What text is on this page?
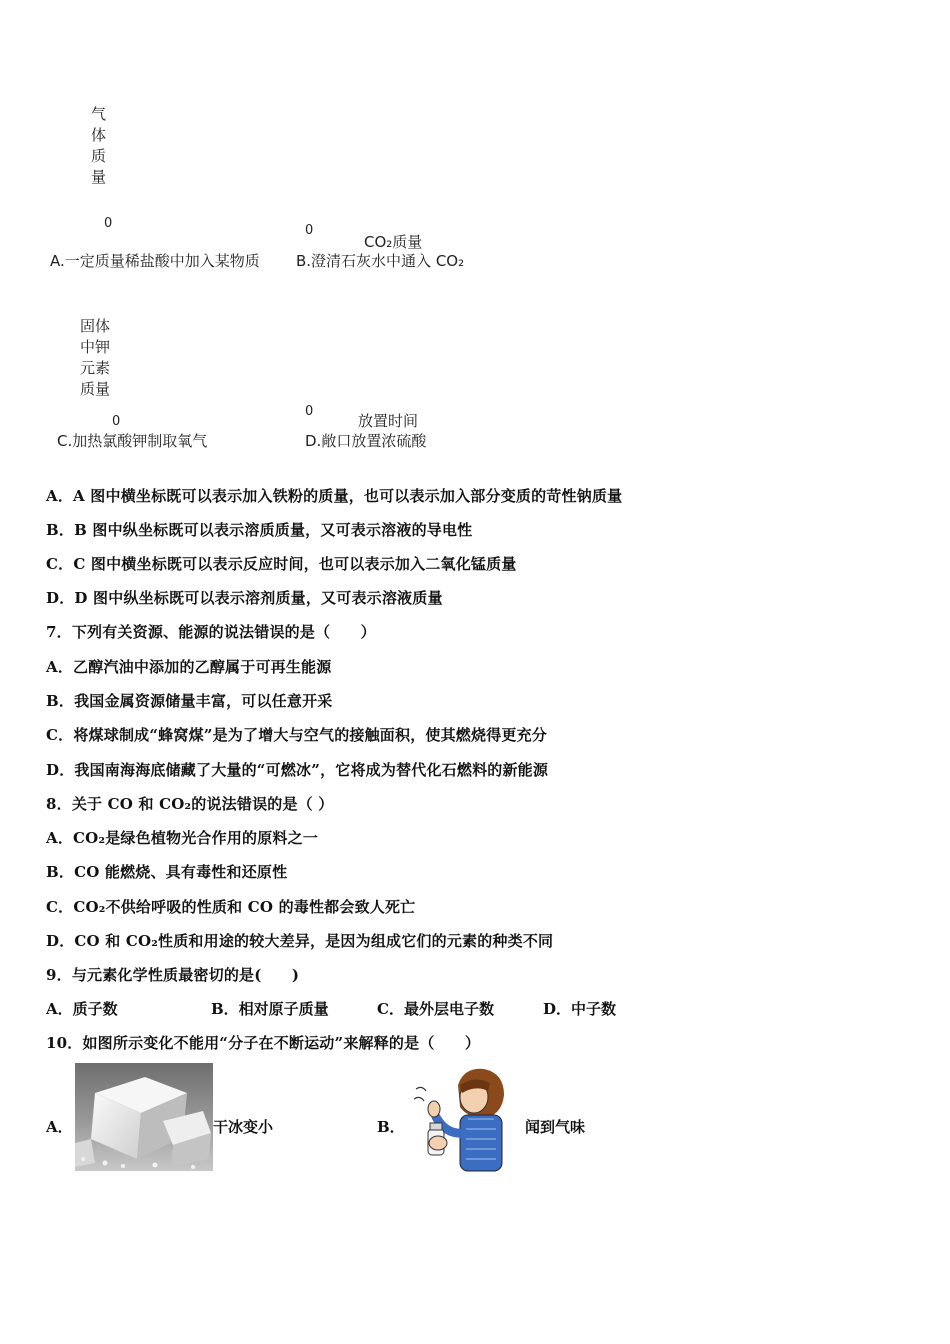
气体质量
0
A.一定质量稀盐酸中加入某物质
0
CO₂质量
B.澄清石灰水中通入 CO₂
固体中钾元素质量
0
C.加热氯酸钾制取氧气
0
放置时间
D.敞口放置浓硫酸
A．A 图中横坐标既可以表示加入铁粉的质量，也可以表示加入部分变质的苛性钠质量
B．B 图中纵坐标既可以表示溶质质量，又可表示溶液的导电性
C．C 图中横坐标既可以表示反应时间，也可以表示加入二氧化锰质量
D．D 图中纵坐标既可以表示溶剂质量，又可表示溶液质量
7．下列有关资源、能源的说法错误的是（　　）
A．乙醇汽油中添加的乙醇属于可再生能源
B．我国金属资源储量丰富，可以任意开采
C．将煤球制成“蜂窝煤”是为了增大与空气的接触面积，使其燃烧得更充分
D．我国南海海底储藏了大量的“可燃冰”，它将成为替代化石燃料的新能源
8．关于 CO 和 CO₂的说法错误的是（ ）
A．CO₂是绿色植物光合作用的原料之一
B．CO 能燃烧、具有毒性和还原性
C．CO₂不供给呼吸的性质和 CO 的毒性都会致人死亡
D．CO 和 CO₂性质和用途的较大差异，是因为组成它们的元素的种类不同
9．与元素化学性质最密切的是(　　)
A．质子数	B．相对原子质量	C．最外层电子数	D．中子数
10．如图所示变化不能用“分子在不断运动”来解释的是（　　）
A．	干冰变小	B．	闻到气味
